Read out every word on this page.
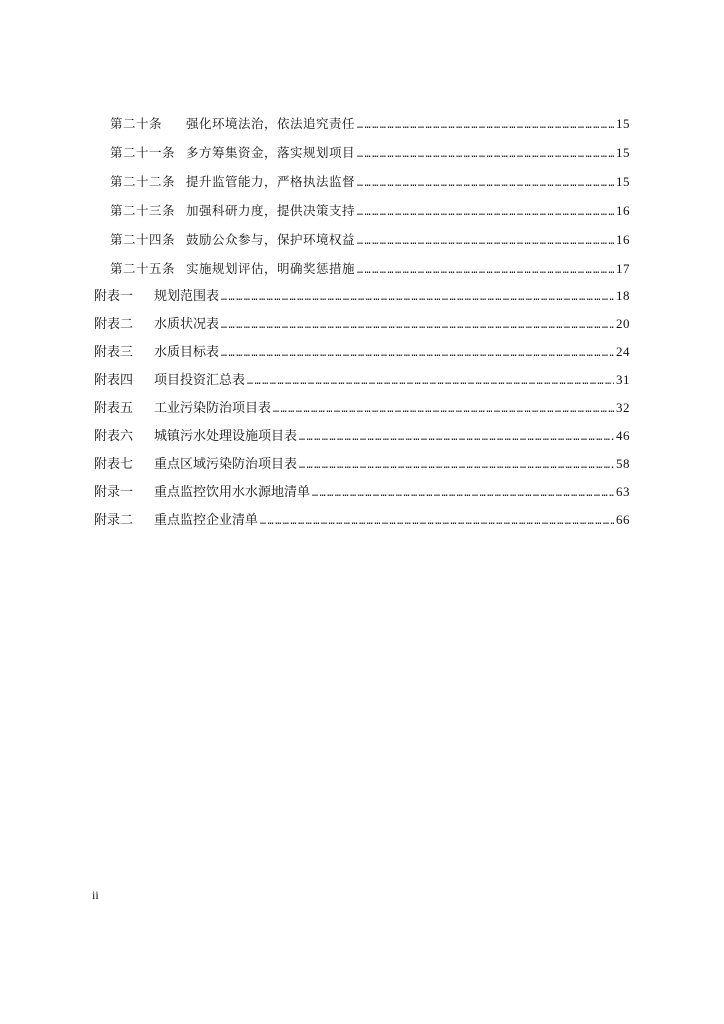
第二十条	强化环境法治，依法追究责任 ………………………………………………………………………………………………………………………………………………………………	15
第二十一条 多方筹集资金，落实规划项目 ………………………………………………………………………………………………………………………………………………………………	15
第二十二条 提升监管能力，严格执法监督 ………………………………………………………………………………………………………………………………………………………………	15
第二十三条 加强科研力度，提供决策支持 ………………………………………………………………………………………………………………………………………………………………	16
第二十四条 鼓励公众参与，保护环境权益 ………………………………………………………………………………………………………………………………………………………………	16
第二十五条 实施规划评估，明确奖惩措施 ………………………………………………………………………………………………………………………………………………………………	17
附表一	规划范围表 ………………………………………………………………………………………………………………………………………………………………	18
附表二	水质状况表 ………………………………………………………………………………………………………………………………………………………………	20
附表三	水质目标表 ………………………………………………………………………………………………………………………………………………………………	24
附表四	项目投资汇总表 ………………………………………………………………………………………………………………………………………………………………	31
附表五	工业污染防治项目表 ………………………………………………………………………………………………………………………………………………………………	32
附表六	城镇污水处理设施项目表 ………………………………………………………………………………………………………………………………………………………………	46
附表七	重点区域污染防治项目表 ………………………………………………………………………………………………………………………………………………………………	58
附录一	重点监控饮用水水源地清单 ………………………………………………………………………………………………………………………………………………………………	63
附录二	重点监控企业清单 ………………………………………………………………………………………………………………………………………………………………	66
ii
